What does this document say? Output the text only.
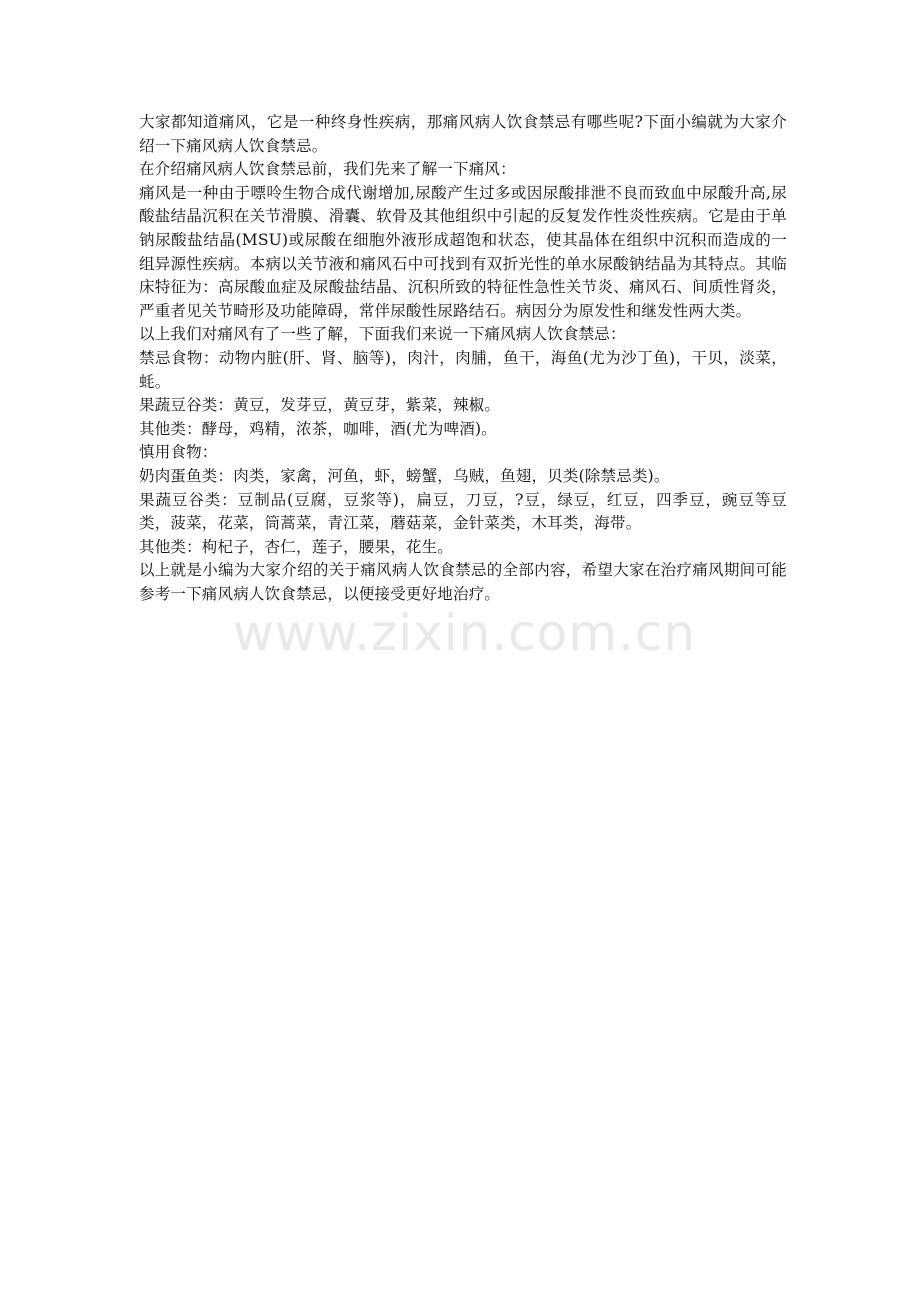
www.zixin.com.cn

大家都知道痛风，它是一种终身性疾病，那痛风病人饮食禁忌有哪些呢?下面小编就为大家介绍一下痛风病人饮食禁忌。

在介绍痛风病人饮食禁忌前，我们先来了解一下痛风：

痛风是一种由于嘌呤生物合成代谢增加,尿酸产生过多或因尿酸排泄不良而致血中尿酸升高,尿酸盐结晶沉积在关节滑膜、滑囊、软骨及其他组织中引起的反复发作性炎性疾病。它是由于单钠尿酸盐结晶(MSU)或尿酸在细胞外液形成超饱和状态，使其晶体在组织中沉积而造成的一组异源性疾病。本病以关节液和痛风石中可找到有双折光性的单水尿酸钠结晶为其特点。其临床特征为：高尿酸血症及尿酸盐结晶、沉积所致的特征性急性关节炎、痛风石、间质性肾炎，严重者见关节畸形及功能障碍，常伴尿酸性尿路结石。病因分为原发性和继发性两大类。

以上我们对痛风有了一些了解，下面我们来说一下痛风病人饮食禁忌：

禁忌食物：动物内脏(肝、肾、脑等)，肉汁，肉脯，鱼干，海鱼(尤为沙丁鱼)，干贝，淡菜，蚝。

果蔬豆谷类：黄豆，发芽豆，黄豆芽，紫菜，辣椒。

其他类：酵母，鸡精，浓茶，咖啡，酒(尤为啤酒)。

慎用食物：

奶肉蛋鱼类：肉类，家禽，河鱼，虾，螃蟹，乌贼，鱼翅，贝类(除禁忌类)。

果蔬豆谷类：豆制品(豆腐，豆浆等)，扁豆，刀豆，?豆，绿豆，红豆，四季豆，豌豆等豆类，菠菜，花菜，筒蒿菜，青江菜，蘑菇菜，金针菜类，木耳类，海带。

其他类：枸杞子，杏仁，莲子，腰果，花生。

以上就是小编为大家介绍的关于痛风病人饮食禁忌的全部内容，希望大家在治疗痛风期间可能参考一下痛风病人饮食禁忌，以便接受更好地治疗。
